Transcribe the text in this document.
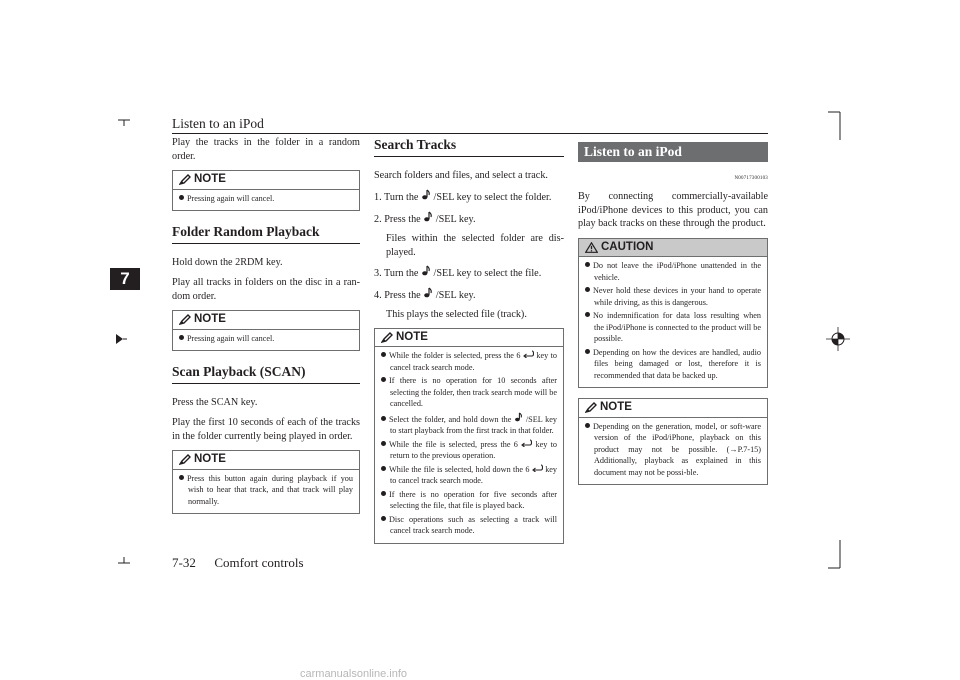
Listen to an iPod
7

Play the tracks in the folder in a random order.

NOTE

Pressing again will cancel.

Folder Random Playback

Hold down the 2RDM key.

Play all tracks in folders on the disc in a ran-dom order.

NOTE

Pressing again will cancel.

Scan Playback (SCAN)

Press the SCAN key.

Play the first 10 seconds of each of the tracks in the folder currently being played in order.

NOTE

Press this button again during playback if you wish to hear that track, and that track will play normally.

Search Tracks

Search folders and files, and select a track.

1. Turn the /SEL key to select the folder.

2. Press the /SEL key.

Files within the selected folder are dis-played.

3. Turn the /SEL key to select the file.

4. Press the /SEL key.

This plays the selected file (track).

NOTE

While the folder is selected, press the 6 key to cancel track search mode.

If there is no operation for 10 seconds after selecting the folder, then track search mode will be cancelled.

Select the folder, and hold down the /SEL key to start playback from the first track in that folder.

While the file is selected, press the 6 key to return to the previous operation.

While the file is selected, hold down the 6 key to cancel track search mode.

If there is no operation for five seconds after selecting the file, that file is played back.

Disc operations such as selecting a track will cancel track search mode.

Listen to an iPod

N00717300103

By connecting commercially-available iPod/iPhone devices to this product, you can play back tracks on these through the product.

CAUTION

Do not leave the iPod/iPhone unattended in the vehicle.

Never hold these devices in your hand to operate while driving, as this is dangerous.

No indemnification for data loss resulting when the iPod/iPhone is connected to the product will be possible.

Depending on how the devices are handled, audio files being damaged or lost, therefore it is recommended that data be backed up.

NOTE

Depending on the generation, model, or soft-ware version of the iPod/iPhone, playback on this product may not be possible. (→P.7-15) Additionally, playback as explained in this document may not be possi-ble.

7-32 Comfort controls
carmanualsonline.info
